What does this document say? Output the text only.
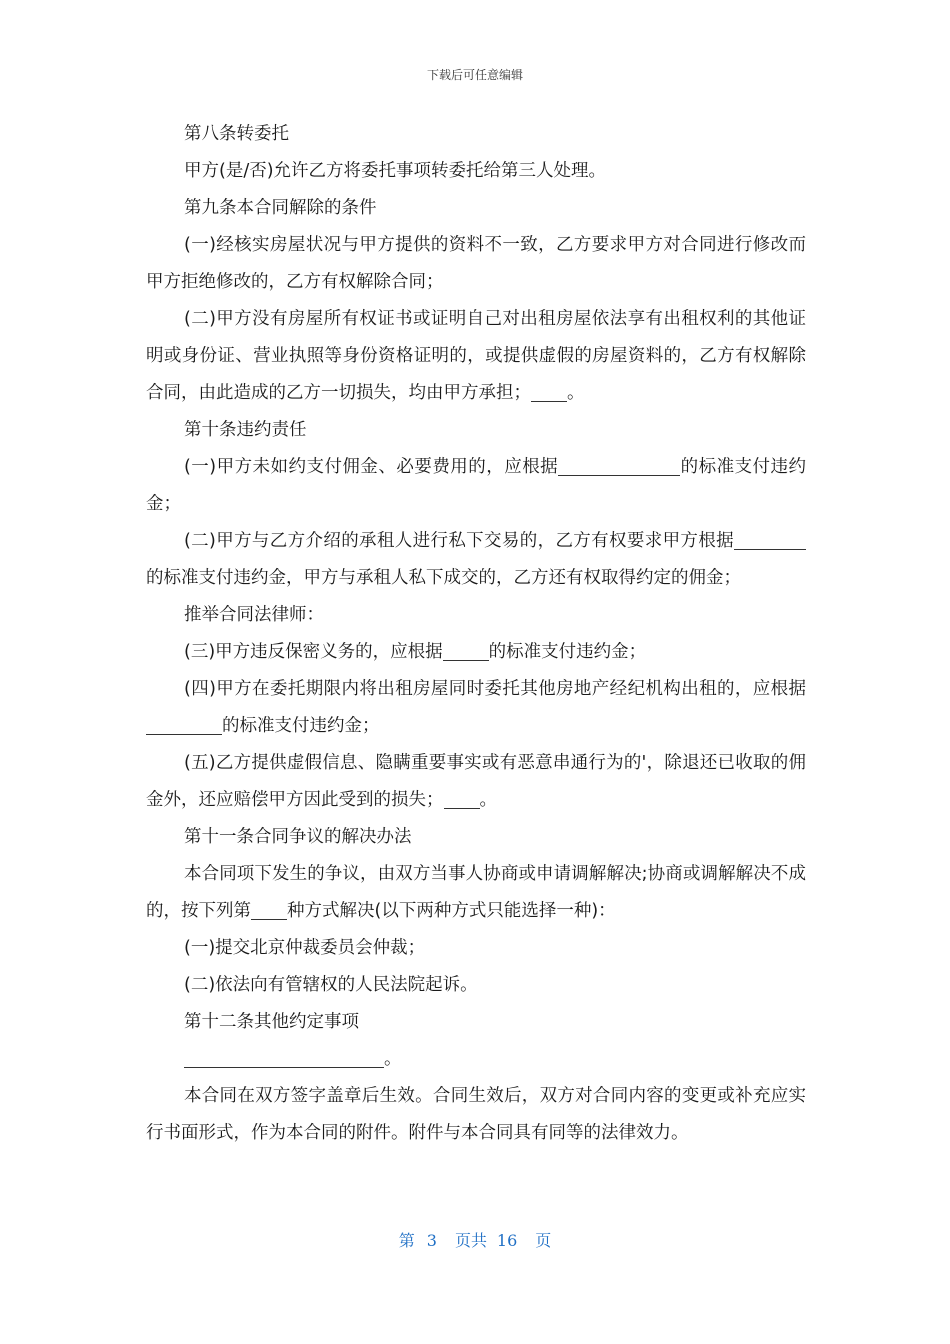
下载后可任意编辑

第八条转委托

甲方(是/否)允许乙方将委托事项转委托给第三人处理。

第九条本合同解除的条件

(一)经核实房屋状况与甲方提供的资料不一致，乙方要求甲方对合同进行修改而甲方拒绝修改的，乙方有权解除合同；

(二)甲方没有房屋所有权证书或证明自己对出租房屋依法享有出租权利的其他证明或身份证、营业执照等身份资格证明的，或提供虚假的房屋资料的，乙方有权解除合同，由此造成的乙方一切损失，均由甲方承担； 。

第十条违约责任

(一)甲方未如约支付佣金、必要费用的，应根据	的标准支付违约金；

(二)甲方与乙方介绍的承租人进行私下交易的，乙方有权要求甲方根据的标准支付违约金，甲方与承租人私下成交的，乙方还有权取得约定的佣金；

推举合同法律师：

(三)甲方违反保密义务的，应根据	的标准支付违约金；

(四)甲方在委托期限内将出租房屋同时委托其他房地产经纪机构出租的，应根据的标准支付违约金；

(五)乙方提供虚假信息、隐瞒重要事实或有恶意串通行为的'，除退还已收取的佣金外，还应赔偿甲方因此受到的损失； 。

第十一条合同争议的解决办法

本合同项下发生的争议，由双方当事人协商或申请调解解决;协商或调解解决不成的，按下列第 种方式解决(以下两种方式只能选择一种)：

(一)提交北京仲裁委员会仲裁；

(二)依法向有管辖权的人民法院起诉。

第十二条其他约定事项

。

本合同在双方签字盖章后生效。合同生效后，双方对合同内容的变更或补充应实行书面形式，作为本合同的附件。附件与本合同具有同等的法律效力。

第 3 页共 16 页
